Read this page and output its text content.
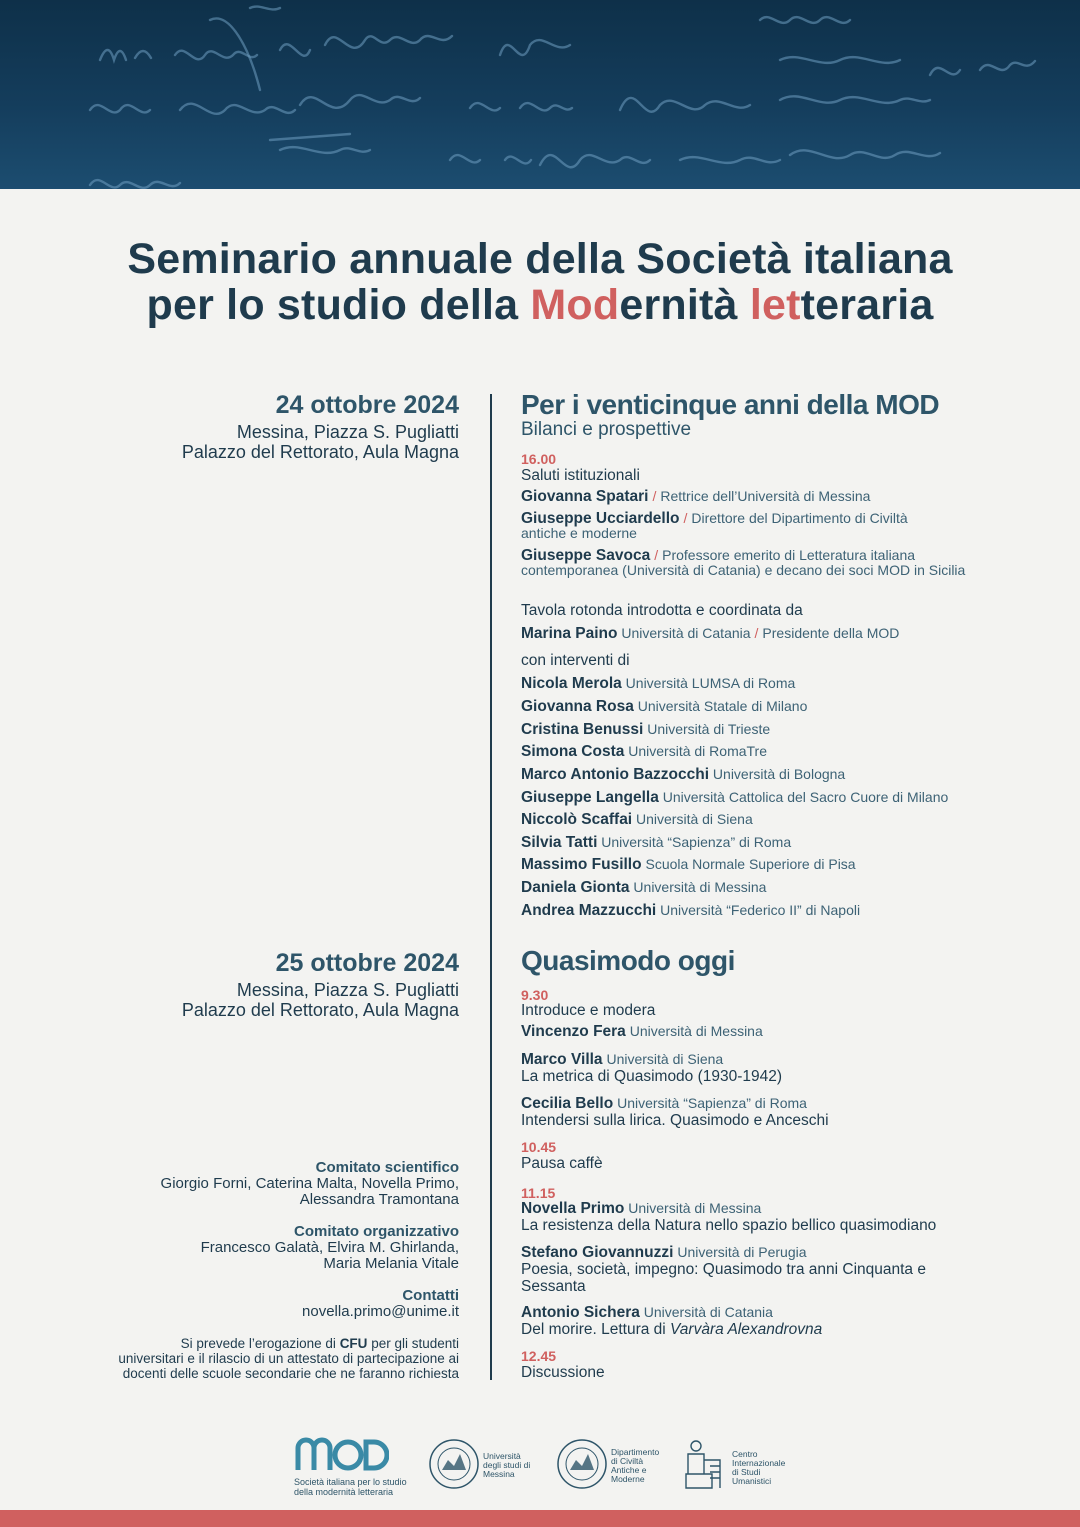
Seminario annuale della Società italiana
per lo studio della Modernità letteraria
24 ottobre 2024
Messina, Piazza S. Pugliatti
Palazzo del Rettorato, Aula Magna
Per i venticinque anni della MOD
Bilanci e prospettive
16.00
Saluti istituzionali
Giovanna Spatari / Rettrice dell’Università di Messina
Giuseppe Ucciardello / Direttore del Dipartimento di Civiltà
antiche e moderne
Giuseppe Savoca / Professore emerito di Letteratura italiana
contemporanea (Università di Catania) e decano dei soci MOD in Sicilia
Tavola rotonda introdotta e coordinata da
Marina Paino Università di Catania / Presidente della MOD
con interventi di
Nicola Merola Università LUMSA di Roma
Giovanna Rosa Università Statale di Milano
Cristina Benussi Università di Trieste
Simona Costa Università di RomaTre
Marco Antonio Bazzocchi Università di Bologna
Giuseppe Langella Università Cattolica del Sacro Cuore di Milano
Niccolò Scaffai Università di Siena
Silvia Tatti Università “Sapienza” di Roma
Massimo Fusillo Scuola Normale Superiore di Pisa
Daniela Gionta Università di Messina
Andrea Mazzucchi Università “Federico II” di Napoli
25 ottobre 2024
Messina, Piazza S. Pugliatti
Palazzo del Rettorato, Aula Magna
Quasimodo oggi
9.30
Introduce e modera
Vincenzo Fera Università di Messina
Marco Villa Università di Siena
La metrica di Quasimodo (1930-1942)
Cecilia Bello Università “Sapienza” di Roma
Intendersi sulla lirica. Quasimodo e Anceschi
10.45
Pausa caffè
11.15
Novella Primo Università di Messina
La resistenza della Natura nello spazio bellico quasimodiano
Stefano Giovannuzzi Università di Perugia
Poesia, società, impegno: Quasimodo tra anni Cinquanta e
Sessanta
Antonio Sichera Università di Catania
Del morire. Lettura di Varvàra Alexandrovna
12.45
Discussione
Comitato scientifico
Giorgio Forni, Caterina Malta, Novella Primo,
Alessandra Tramontana
Comitato organizzativo
Francesco Galatà, Elvira M. Ghirlanda,
Maria Melania Vitale
Contatti
novella.primo@unime.it
Si prevede l’erogazione di CFU per gli studenti
universitari e il rilascio di un attestato di partecipazione ai
docenti delle scuole secondarie che ne faranno richiesta
Società italiana per lo studio
della modernità letteraria
Università
degli studi di
Messina
Dipartimento
di Civiltà
Antiche e
Moderne
Centro
Internazionale
di Studi
Umanistici
